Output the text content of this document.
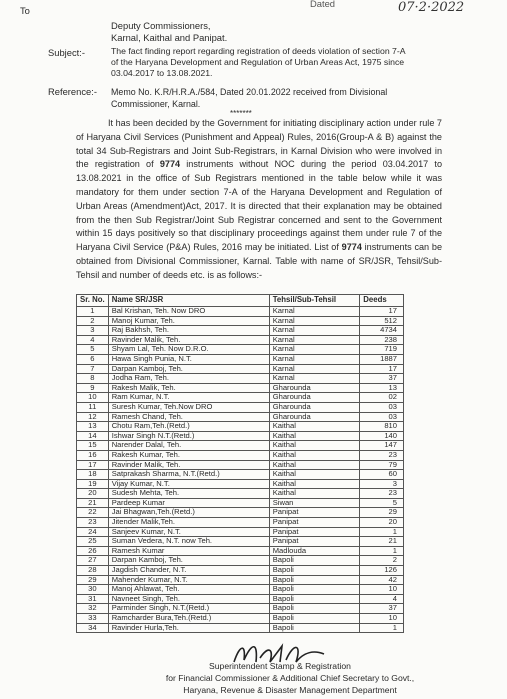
To
Dated	07·2·2022
Deputy Commissioners,
Karnal, Kaithal and Panipat.
Subject:-	The fact finding report regarding registration of deeds violation of section 7-A
of the Haryana Development and Regulation of Urban Areas Act, 1975 since
03.04.2017 to 13.08.2021.
Reference:- Memo No. K.R/H.R.A./584, Dated 20.01.2022 received from Divisional
Commissioner, Karnal.
*******
It has been decided by the Government for initiating disciplinary action under rule 7 of Haryana Civil Services (Punishment and Appeal) Rules, 2016(Group-A & B) against the total 34 Sub-Registrars and Joint Sub-Registrars, in Karnal Division who were involved in the registration of 9774 instruments without NOC during the period 03.04.2017 to 13.08.2021 in the office of Sub Registrars mentioned in the table below while it was mandatory for them under section 7-A of the Haryana Development and Regulation of Urban Areas (Amendment)Act, 2017. It is directed that their explanation may be obtained from the then Sub Registrar/Joint Sub Registrar concerned and sent to the Government within 15 days positively so that disciplinary proceedings against them under rule 7 of the Haryana Civil Service (P&A) Rules, 2016 may be initiated. List of 9774 instruments can be obtained from Divisional Commissioner, Karnal. Table with name of SR/JSR, Tehsil/Sub-Tehsil and number of deeds etc. is as follows:-
Sr. No.	Name SR/JSR	Tehsil/Sub-Tehsil	Deeds
1	Bal Krishan, Teh. Now DRO	Karnal	17
2	Manoj Kumar, Teh.	Karnal	512
3	Raj Bakhsh, Teh.	Karnal	4734
4	Ravinder Malik, Teh.	Karnal	238
5	Shyam Lal, Teh. Now D.R.O.	Karnal	719
6	Hawa Singh Punia, N.T.	Karnal	1887
7	Darpan Kamboj, Teh.	Karnal	17
8	Jodha Ram, Teh.	Karnal	37
9	Rakesh Malik, Teh.	Gharounda	13
10	Ram Kumar, N.T.	Gharounda	02
11	Suresh Kumar, Teh.Now DRO	Gharounda	03
12	Ramesh Chand, Teh.	Gharounda	03
13	Chotu Ram,Teh.(Retd.)	Kaithal	810
14	Ishwar Singh N.T.(Retd.)	Kaithal	140
15	Narender Dalal, Teh.	Kaithal	147
16	Rakesh Kumar, Teh.	Kaithal	23
17	Ravinder Malik, Teh.	Kaithal	79
18	Satprakash Sharma, N.T.(Retd.)	Kaithal	60
19	Vijay Kumar, N.T.	Kaithal	3
20	Sudesh Mehta, Teh.	Kaithal	23
21	Pardeep Kumar	Siwan	5
22	Jai Bhagwan,Teh.(Retd.)	Panipat	29
23	Jitender Malik,Teh.	Panipat	20
24	Sanjeev Kumar, N.T.	Panipat	1
25	Suman Vedera, N.T. now Teh.	Panipat	21
26	Ramesh Kumar	Madlouda	1
27	Darpan Kamboj, Teh.	Bapoli	2
28	Jagdish Chander, N.T.	Bapoli	126
29	Mahender Kumar, N.T.	Bapoli	42
30	Manoj Ahlawat, Teh.	Bapoli	10
31	Navneet Singh, Teh.	Bapoli	4
32	Parminder Singh, N.T.(Retd.)	Bapoli	37
33	Ramcharder Bura,Teh.(Retd.)	Bapoli	10
34	Ravinder Hurla,Teh.	Bapoli	1
Superintendent Stamp & Registration
for Financial Commissioner & Additional Chief Secretary to Govt.,
Haryana, Revenue & Disaster Management Department
